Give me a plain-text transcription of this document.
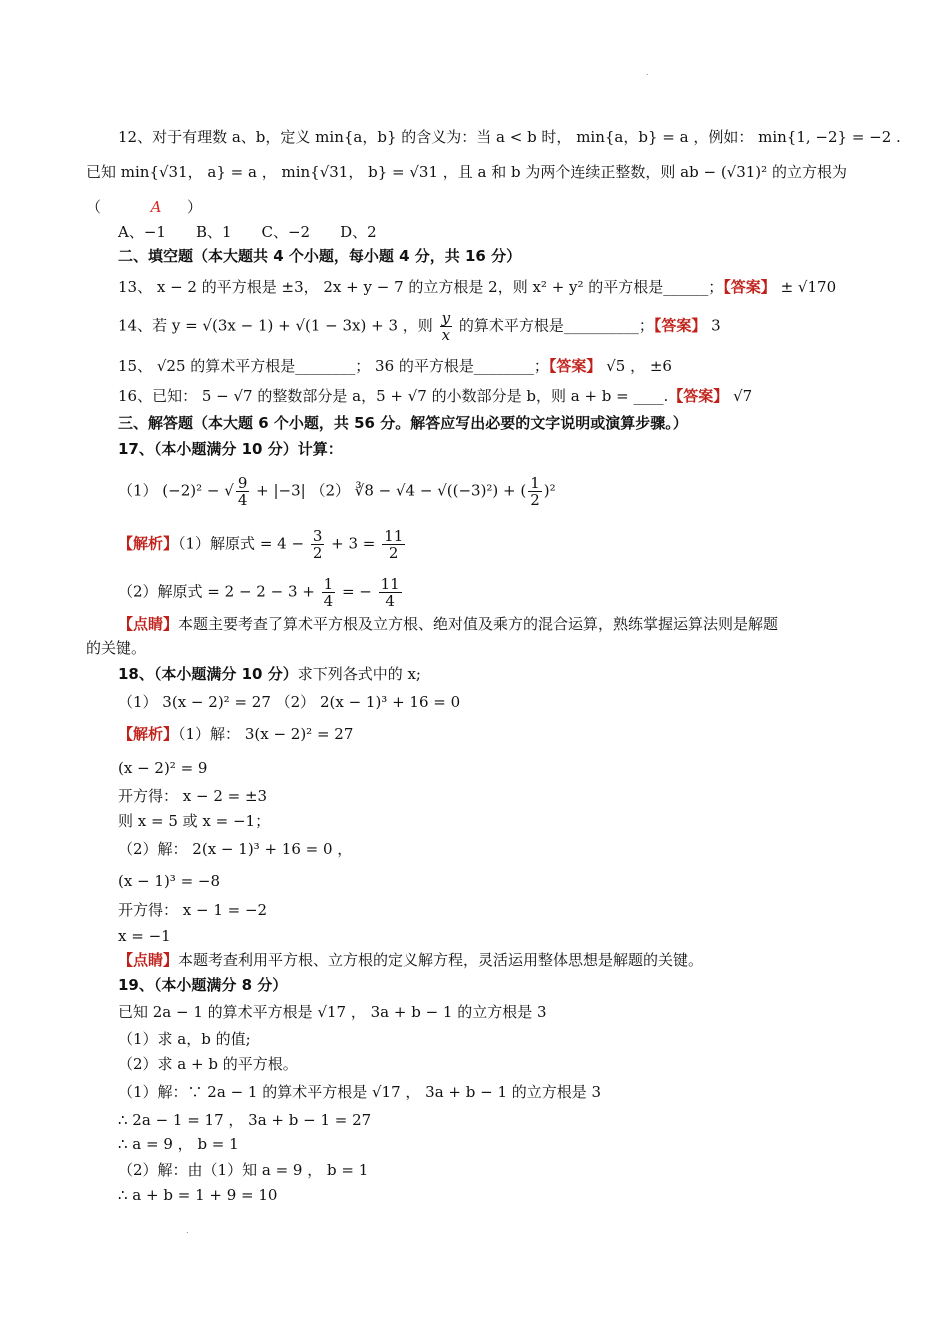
.
12、对于有理数 a、b，定义 min{a，b} 的含义为：当 a < b 时， min{a，b} = a ，例如： min{1, −2} = −2 .
已知 min{√31， a} = a ， min{√31， b} = √31 ，且 a 和 b 为两个连续正整数，则 ab − (√31)² 的立方根为
（	A ）
A、−1　　B、1　　C、−2　　D、2
二、填空题（本大题共 4 个小题，每小题 4 分，共 16 分）
13、 x − 2 的平方根是 ±3， 2x + y − 7 的立方根是 2，则 x² + y² 的平方根是______；【答案】 ± √170
14、若 y = √(3x − 1) + √(1 − 3x) + 3 ，则 $\frac{y}{x}$ 的算术平方根是__________；【答案】 3
15、 √25 的算术平方根是________； 36 的平方根是________；【答案】 √5 ， ±6
16、已知： 5 − √7 的整数部分是 a，5 + √7 的小数部分是 b，则 a + b = ____.【答案】 √7
三、解答题（本大题 6 个小题，共 56 分。解答应写出必要的文字说明或演算步骤。）
17、（本小题满分 10 分）计算：
（1） (−2)² − √ $\frac{9}{4} + |-3|$ （2） ∛8 − √4 − √((−3)²) + ( $\frac{1}{2} )^2$
【解析】（1）解原式 = $4 - \frac{3}{2} + 3 = \frac{11}{2}$
（2）解原式 = $2 - 2 - 3 + \frac{1}{4}$ = − $\frac{11}{4}$
【点睛】本题主要考查了算术平方根及立方根、绝对值及乘方的混合运算，熟练掌握运算法则是解题
的关键。
18、（本小题满分 10 分）求下列各式中的 x;
（1） 3(x − 2)² = 27 （2） 2(x − 1)³ + 16 = 0
【解析】（1）解： 3(x − 2)² = 27
(x − 2)² = 9
开方得： x − 2 = ±3
则 x = 5 或 x = −1；
（2）解： 2(x − 1)³ + 16 = 0 ，
(x − 1)³ = −8
开方得： x − 1 = −2
x = −1
【点睛】本题考查利用平方根、立方根的定义解方程，灵活运用整体思想是解题的关键。
19、（本小题满分 8 分）
已知 2a − 1 的算术平方根是 √17 ， 3a + b − 1 的立方根是 3
（1）求 a，b 的值;
（2）求 a + b 的平方根。
（1）解：∵ 2a − 1 的算术平方根是 √17 ， 3a + b − 1 的立方根是 3
∴ 2a − 1 = 17 ， 3a + b − 1 = 27
∴ a = 9 ， b = 1
（2）解：由（1）知 a = 9 ， b = 1
∴ a + b = 1 + 9 = 10
.
